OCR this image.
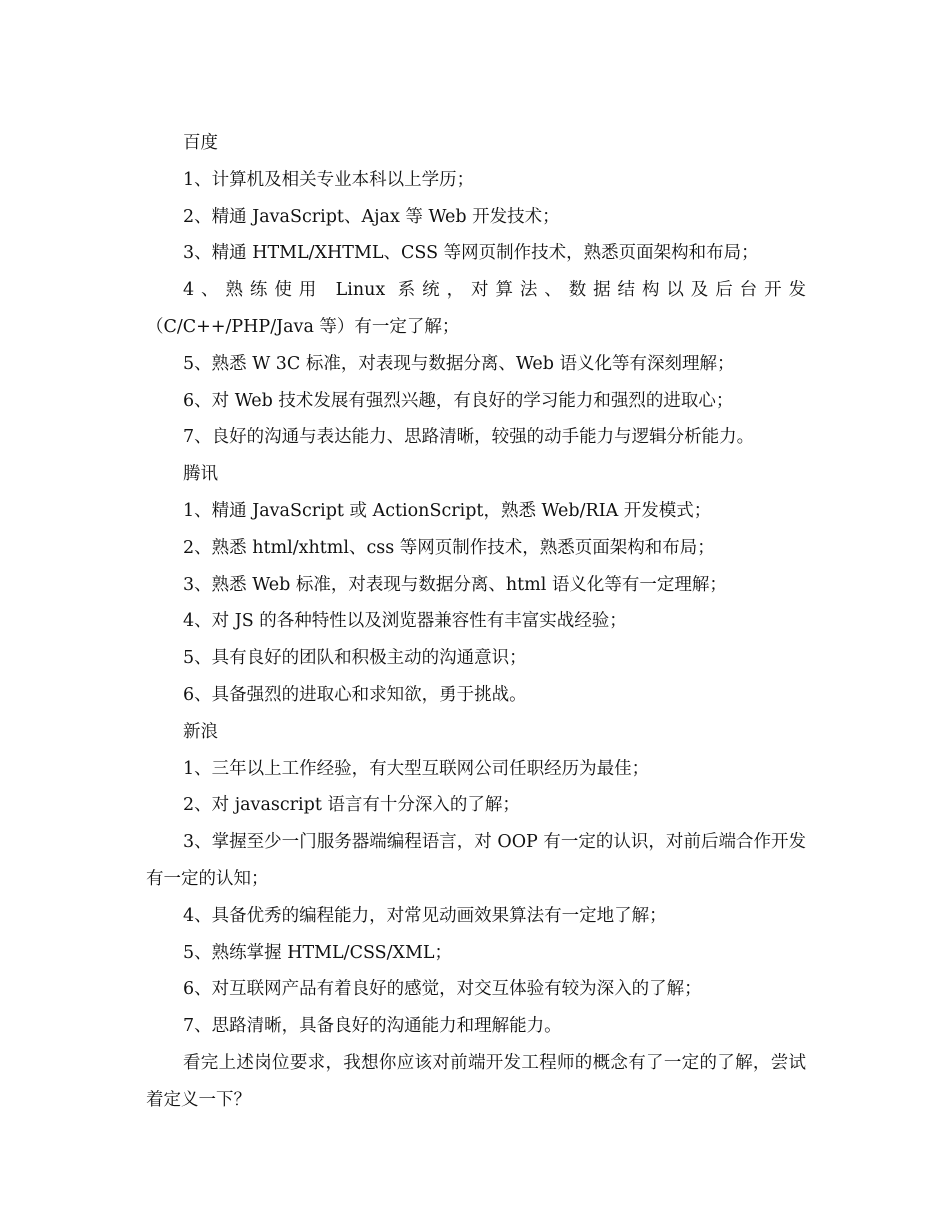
百度

1、计算机及相关专业本科以上学历；

2、精通 JavaScript、Ajax 等 Web 开发技术；

3、精通 HTML/XHTML、CSS 等网页制作技术，熟悉页面架构和布局；

4、熟练使用 Linux 系统，对算法、数据结构以及后台开发（C/C++/PHP/Java 等）有一定了解；

5、熟悉 W 3C 标准，对表现与数据分离、Web 语义化等有深刻理解；

6、对 Web 技术发展有强烈兴趣，有良好的学习能力和强烈的进取心；

7、良好的沟通与表达能力、思路清晰，较强的动手能力与逻辑分析能力。

腾讯

1、精通 JavaScript 或 ActionScript，熟悉 Web/RIA 开发模式；

2、熟悉 html/xhtml、css 等网页制作技术，熟悉页面架构和布局；

3、熟悉 Web 标准，对表现与数据分离、html 语义化等有一定理解；

4、对 JS 的各种特性以及浏览器兼容性有丰富实战经验；

5、具有良好的团队和积极主动的沟通意识；

6、具备强烈的进取心和求知欲，勇于挑战。

新浪

1、三年以上工作经验，有大型互联网公司任职经历为最佳；

2、对 javascript 语言有十分深入的了解；

3、掌握至少一门服务器端编程语言，对 OOP 有一定的认识，对前后端合作开发有一定的认知；

4、具备优秀的编程能力，对常见动画效果算法有一定地了解；

5、熟练掌握 HTML/CSS/XML；

6、对互联网产品有着良好的感觉，对交互体验有较为深入的了解；

7、思路清晰，具备良好的沟通能力和理解能力。

看完上述岗位要求，我想你应该对前端开发工程师的概念有了一定的了解，尝试着定义一下？
